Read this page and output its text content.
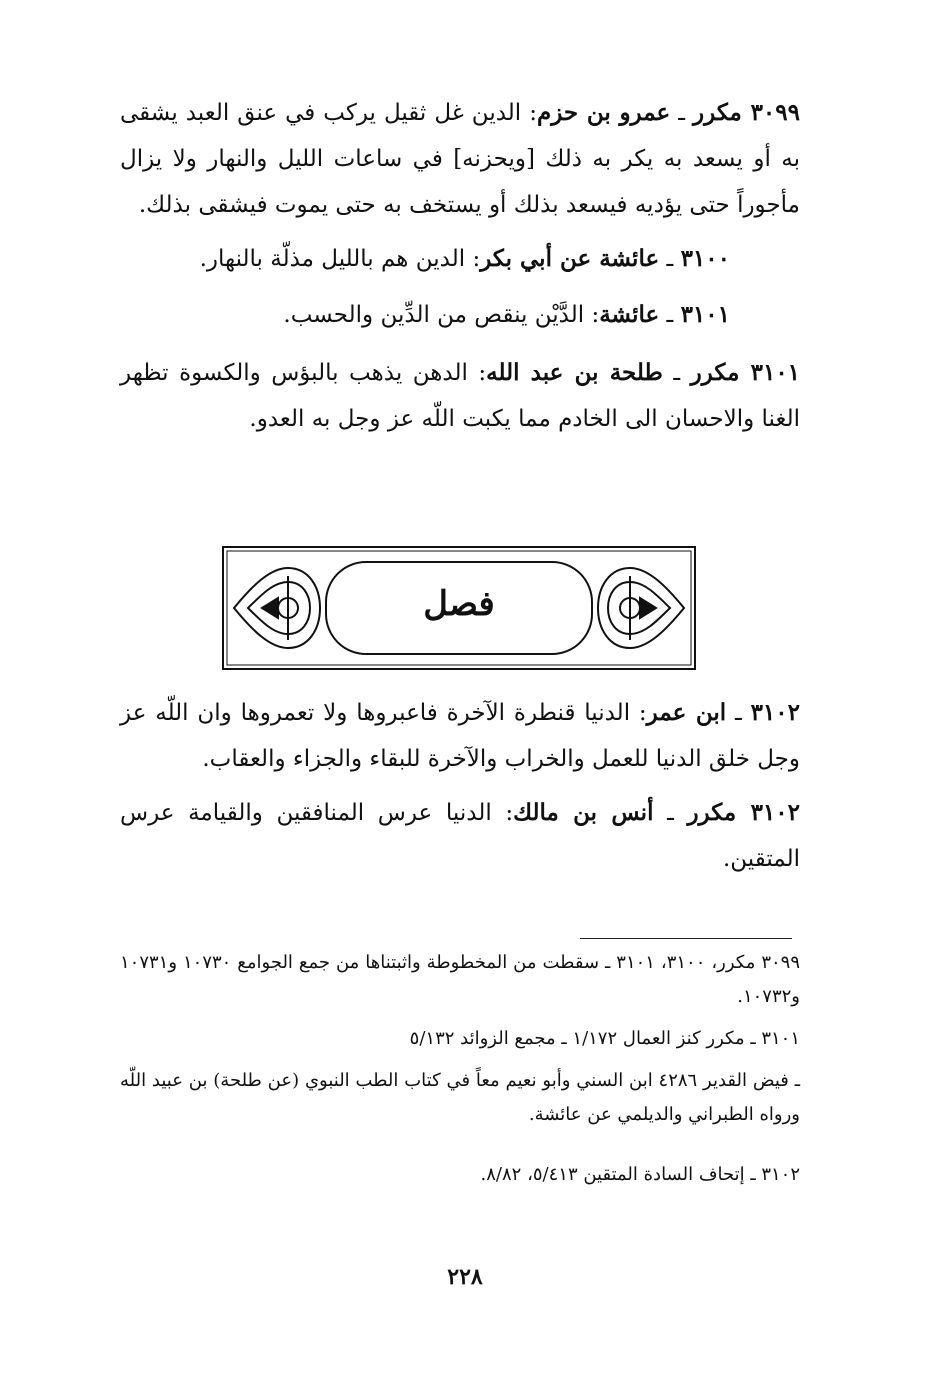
٣٠٩٩ مكرر ـ عمرو بن حزم: الدين غل ثقيل يركب في عنق العبد يشقى به أو يسعد به يكر به ذلك [ويحزنه] في ساعات الليل والنهار ولا يزال مأجوراً حتى يؤديه فيسعد بذلك أو يستخف به حتى يموت فيشقى بذلك.

٣١٠٠ ـ عائشة عن أبي بكر: الدين هم بالليل مذلّة بالنهار.

٣١٠١ ـ عائشة: الدَّيْن ينقص من الدِّين والحسب.

٣١٠١ مكرر ـ طلحة بن عبد الله: الدهن يذهب بالبؤس والكسوة تظهر الغنا والاحسان الى الخادم مما يكبت اللّه عز وجل به العدو.

فصل

٣١٠٢ ـ ابن عمر: الدنيا قنطرة الآخرة فاعبروها ولا تعمروها وان اللّه عز وجل خلق الدنيا للعمل والخراب والآخرة للبقاء والجزاء والعقاب.

٣١٠٢ مكرر ـ أنس بن مالك: الدنيا عرس المنافقين والقيامة عرس المتقين.

٣٠٩٩ مكرر، ٣١٠٠، ٣١٠١ ـ سقطت من المخطوطة واثبتناها من جمع الجوامع ١٠٧٣٠ و١٠٧٣١ و١٠٧٣٢.

٣١٠١ ـ مكرر كنز العمال ١/١٧٢ ـ مجمع الزوائد ٥/١٣٢

ـ فيض القدير ٤٢٨٦ ابن السني وأبو نعيم معاً في كتاب الطب النبوي (عن طلحة) بن عبيد اللّه ورواه الطبراني والديلمي عن عائشة.

٣١٠٢ ـ إتحاف السادة المتقين ٥/٤١٣، ٨/٨٢.

٢٢٨
